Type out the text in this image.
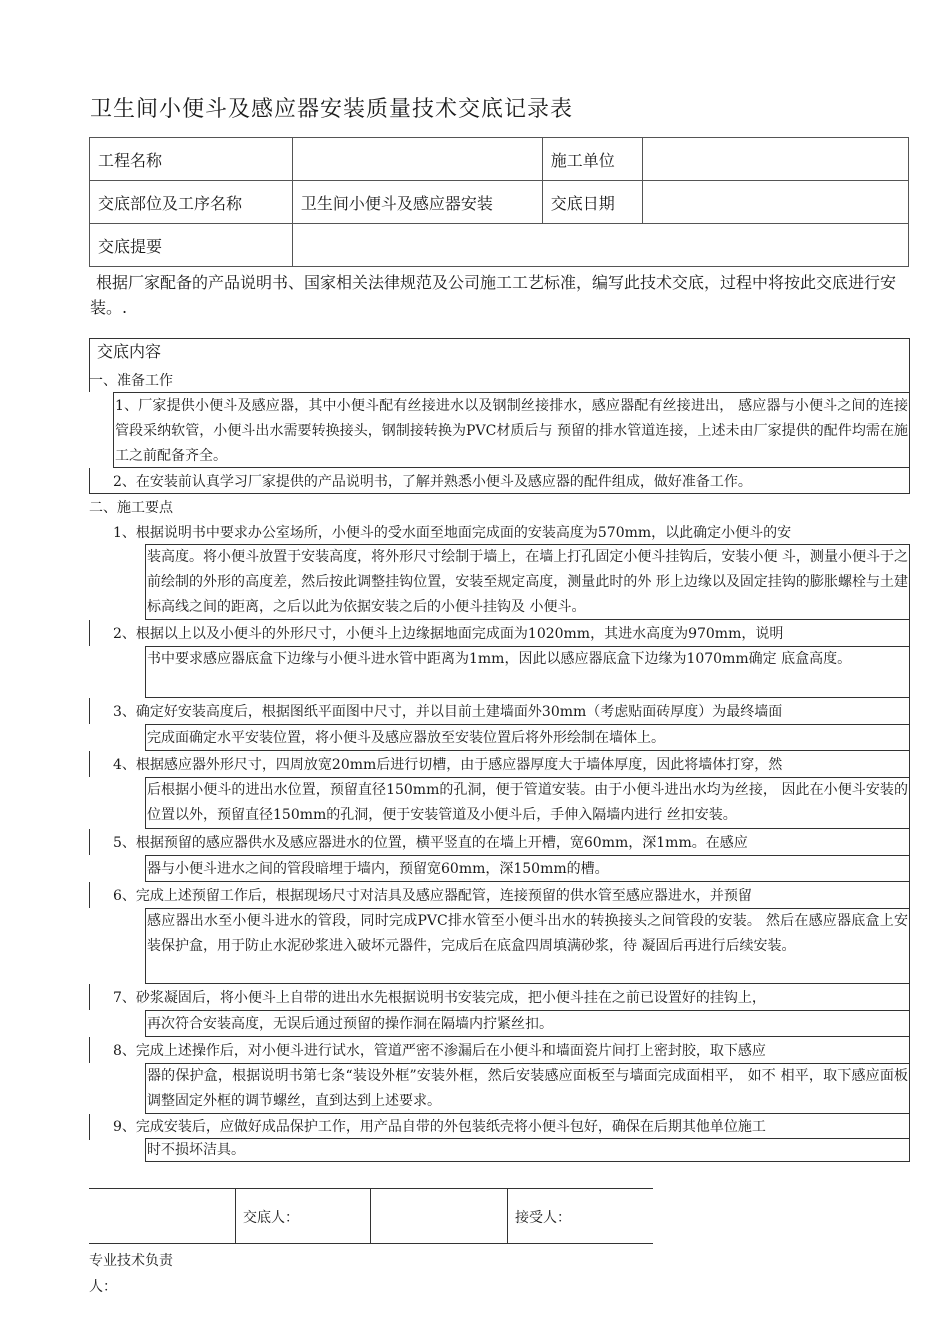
卫生间小便斗及感应器安装质量技术交底记录表
工程名称		施工单位	
交底部位及工序名称	卫生间小便斗及感应器安装	交底日期	
交底提要			
根据厂家配备的产品说明书、国家相关法律规范及公司施工工艺标准，编写此技术交底，过程中将按此交底进行安装。.
交底内容
一、准备工作
1、厂家提供小便斗及感应器，其中小便斗配有丝接进水以及钢制丝接排水，感应器配有丝接进出， 感应器与小便斗之间的连接管段采纳软管，小便斗出水需要转换接头，钢制接转换为PVC材质后与 预留的排水管道连接，上述未由厂家提供的配件均需在施工之前配备齐全。
2、在安装前认真学习厂家提供的产品说明书，了解并熟悉小便斗及感应器的配件组成，做好准备工作。
二、施工要点
1、根据说明书中要求办公室场所，小便斗的受水面至地面完成面的安装高度为570mm，以此确定小便斗的安
装高度。将小便斗放置于安装高度，将外形尺寸绘制于墙上，在墙上打孔固定小便斗挂钩后，安装小便 斗，测量小便斗于之前绘制的外形的高度差，然后按此调整挂钩位置，安装至规定高度，测量此时的外 形上边缘以及固定挂钩的膨胀螺栓与土建标高线之间的距离，之后以此为依据安装之后的小便斗挂钩及 小便斗。
2、根据以上以及小便斗的外形尺寸，小便斗上边缘据地面完成面为1020mm，其进水高度为970mm，说明
书中要求感应器底盒下边缘与小便斗进水管中距离为1mm，因此以感应器底盒下边缘为1070mm确定 底盒高度。
3、确定好安装高度后，根据图纸平面图中尺寸，并以目前土建墙面外30mm（考虑贴面砖厚度）为最终墙面
完成面确定水平安装位置，将小便斗及感应器放至安装位置后将外形绘制在墙体上。
4、根据感应器外形尺寸，四周放宽20mm后进行切槽，由于感应器厚度大于墙体厚度，因此将墙体打穿，然
后根据小便斗的进出水位置，预留直径150mm的孔洞，便于管道安装。由于小便斗进出水均为丝接， 因此在小便斗安装的位置以外，预留直径150mm的孔洞，便于安装管道及小便斗后，手伸入隔墙内进行 丝扣安装。
5、根据预留的感应器供水及感应器进水的位置，横平竖直的在墙上开槽，宽60mm，深1mm。在感应
器与小便斗进水之间的管段暗埋于墙内，预留宽60mm，深150mm的槽。
6、完成上述预留工作后，根据现场尺寸对洁具及感应器配管，连接预留的供水管至感应器进水，并预留
感应器出水至小便斗进水的管段，同时完成PVC排水管至小便斗出水的转换接头之间管段的安装。 然后在感应器底盒上安装保护盒，用于防止水泥砂浆进入破坏元器件，完成后在底盒四周填满砂浆，待 凝固后再进行后续安装。
7、砂浆凝固后，将小便斗上自带的进出水先根据说明书安装完成，把小便斗挂在之前已设置好的挂钩上，
再次符合安装高度，无误后通过预留的操作洞在隔墙内拧紧丝扣。
8、完成上述操作后，对小便斗进行试水，管道严密不渗漏后在小便斗和墙面瓷片间打上密封胶，取下感应
器的保护盒，根据说明书第七条“装设外框”安装外框，然后安装感应面板至与墙面完成面相平， 如不 相平，取下感应面板调整固定外框的调节螺丝，直到达到上述要求。
9、完成安装后，应做好成品保护工作，用产品自带的外包装纸壳将小便斗包好，确保在后期其他单位施工
时不损坏洁具。
交底人：	接受人：
专业技术负责
人：
